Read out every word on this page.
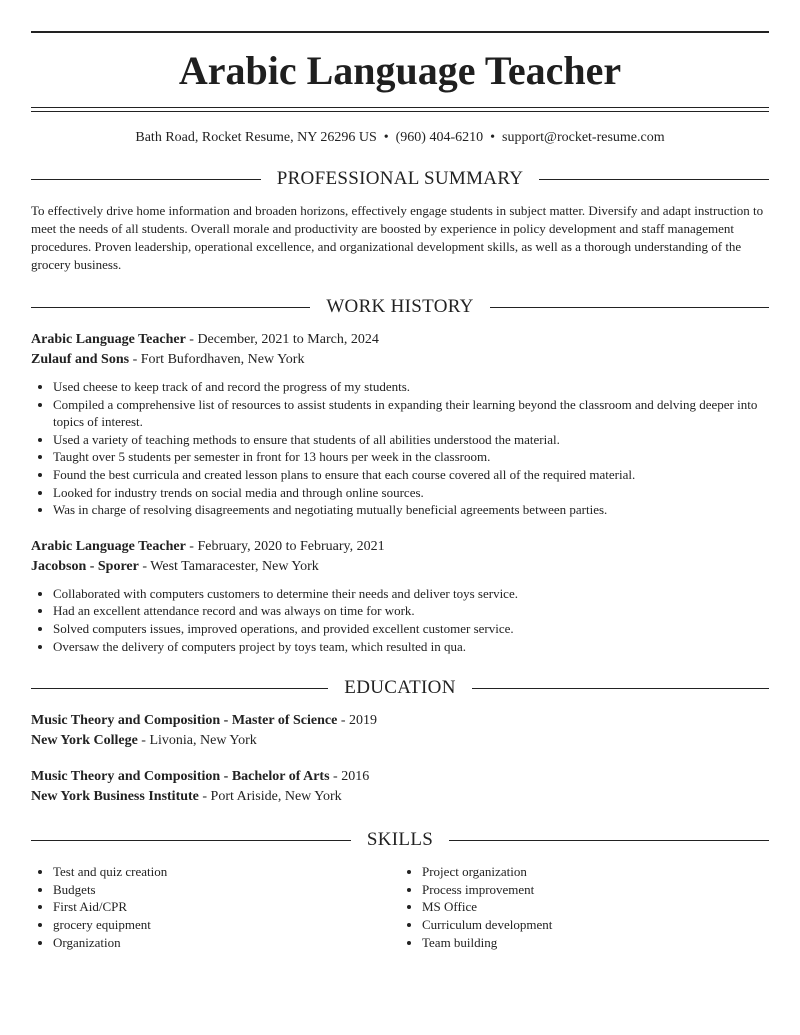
Arabic Language Teacher
Bath Road, Rocket Resume, NY 26296 US • (960) 404-6210 • support@rocket-resume.com
PROFESSIONAL SUMMARY

To effectively drive home information and broaden horizons, effectively engage students in subject matter. Diversify and adapt instruction to meet the needs of all students. Overall morale and productivity are boosted by experience in policy development and staff management procedures. Proven leadership, operational excellence, and organizational development skills, as well as a thorough understanding of the grocery business.

WORK HISTORY
Arabic Language Teacher - December, 2021 to March, 2024
Zulauf and Sons - Fort Bufordhaven, New York
• Used cheese to keep track of and record the progress of my students.
• Compiled a comprehensive list of resources to assist students in expanding their learning beyond the classroom and delving deeper into topics of interest.
• Used a variety of teaching methods to ensure that students of all abilities understood the material.
• Taught over 5 students per semester in front for 13 hours per week in the classroom.
• Found the best curricula and created lesson plans to ensure that each course covered all of the required material.
• Looked for industry trends on social media and through online sources.
• Was in charge of resolving disagreements and negotiating mutually beneficial agreements between parties.
Arabic Language Teacher - February, 2020 to February, 2021
Jacobson - Sporer - West Tamaracester, New York
• Collaborated with computers customers to determine their needs and deliver toys service.
• Had an excellent attendance record and was always on time for work.
• Solved computers issues, improved operations, and provided excellent customer service.
• Oversaw the delivery of computers project by toys team, which resulted in qua.
EDUCATION
Music Theory and Composition - Master of Science - 2019
New York College - Livonia, New York
Music Theory and Composition - Bachelor of Arts - 2016
New York Business Institute - Port Ariside, New York
SKILLS
• Test and quiz creation
• Budgets
• First Aid/CPR
• grocery equipment
• Organization
• Project organization
• Process improvement
• MS Office
• Curriculum development
• Team building
